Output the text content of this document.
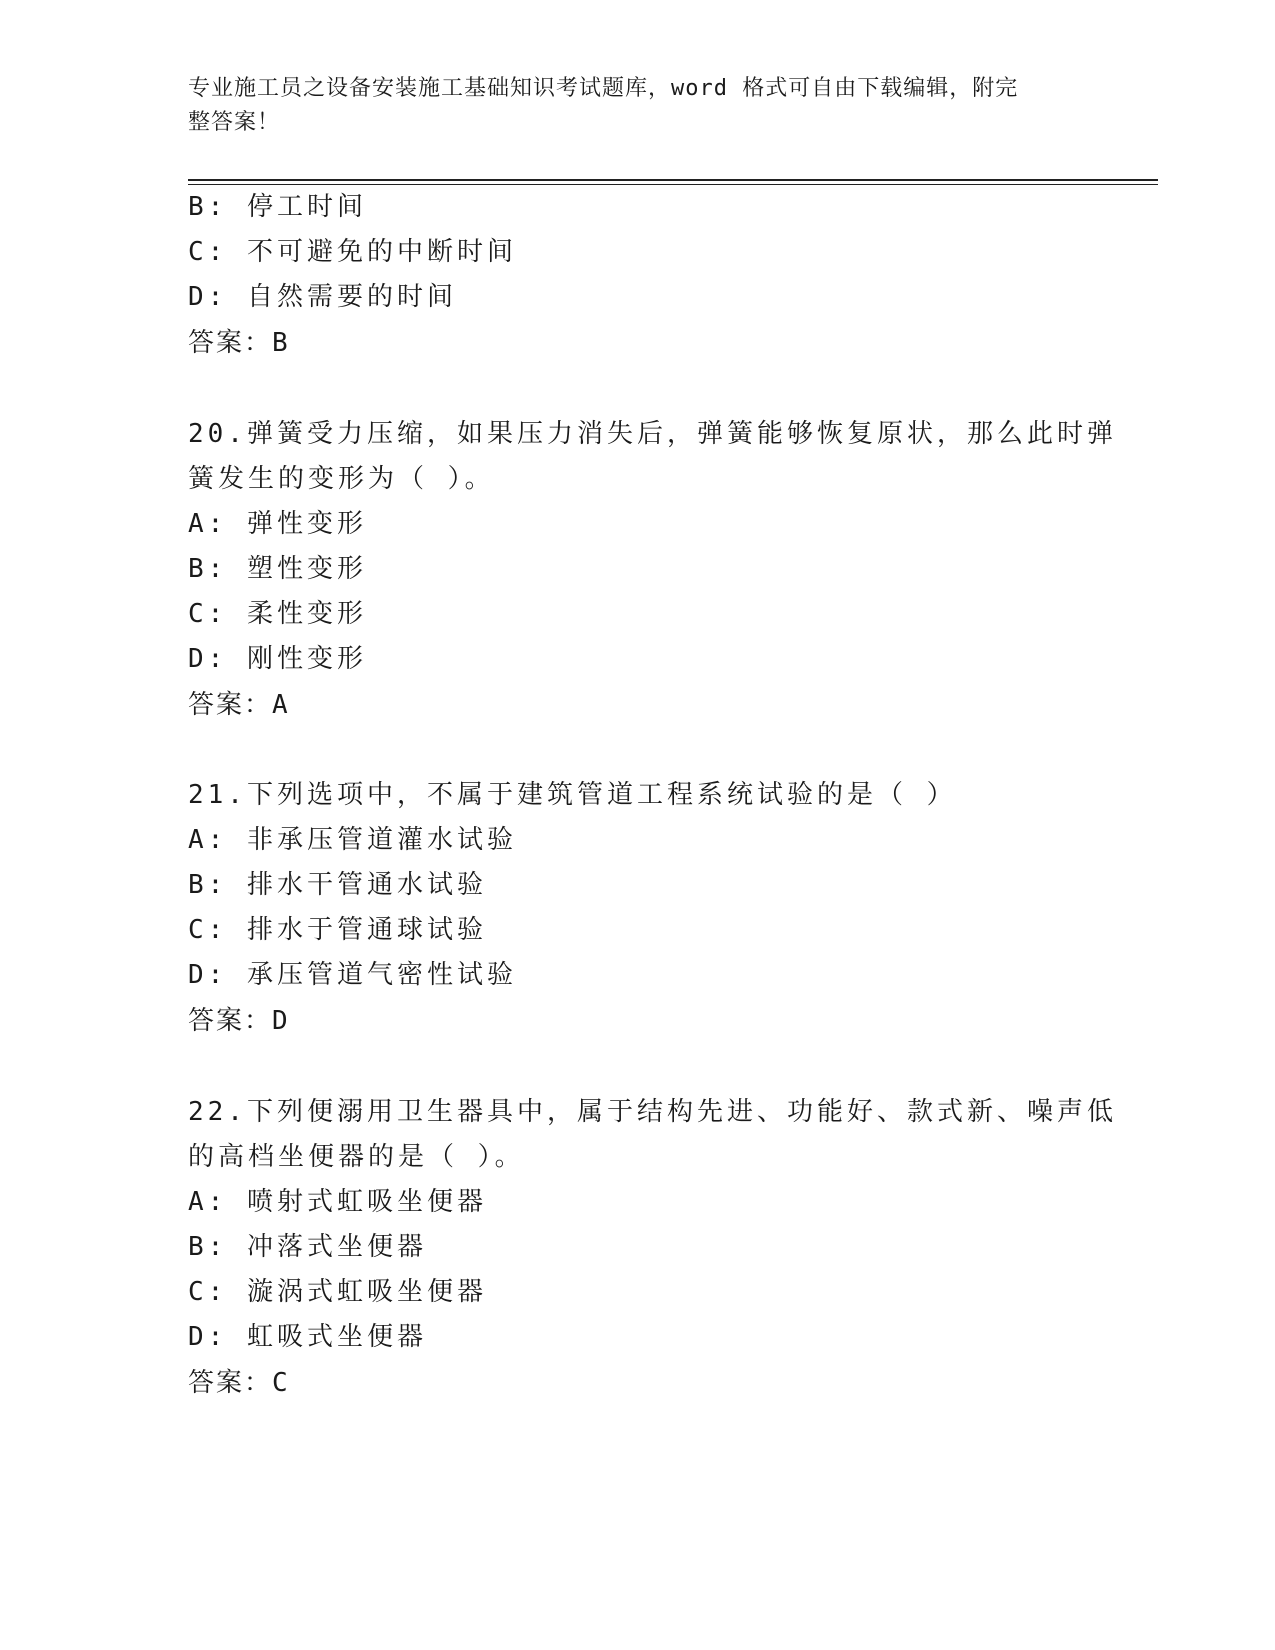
专业施工员之设备安装施工基础知识考试题库，word 格式可自由下载编辑，附完
整答案！
B: 停工时间
C: 不可避免的中断时间
D: 自然需要的时间
答案：B
20.弹簧受力压缩，如果压力消失后，弹簧能够恢复原状，那么此时弹
簧发生的变形为（ ）。
A: 弹性变形
B: 塑性变形
C: 柔性变形
D: 刚性变形
答案：A
21.下列选项中，不属于建筑管道工程系统试验的是（ ）
A: 非承压管道灌水试验
B: 排水干管通水试验
C: 排水于管通球试验
D: 承压管道气密性试验
答案：D
22.下列便溺用卫生器具中，属于结构先进、功能好、款式新、噪声低
的高档坐便器的是（ ）。
A: 喷射式虹吸坐便器
B: 冲落式坐便器
C: 漩涡式虹吸坐便器
D: 虹吸式坐便器
答案：C
